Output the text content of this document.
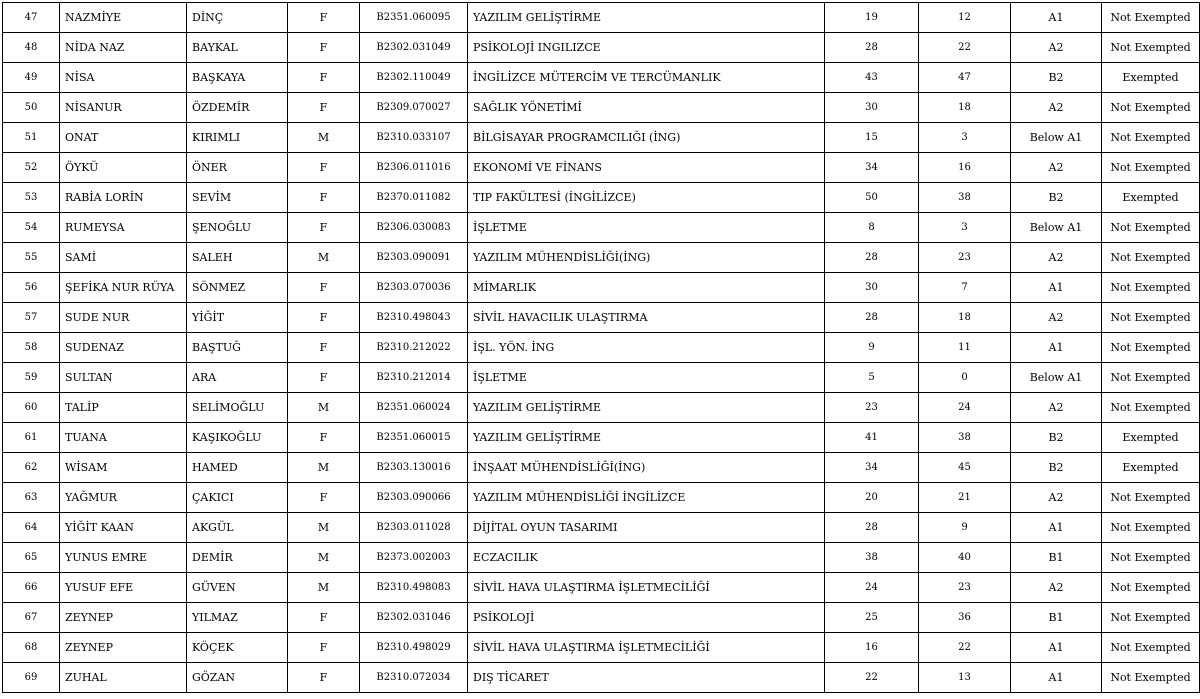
47	NAZMİYE	DİNÇ	F	B2351.060095	YAZILIM GELİŞTİRME	19	12	A1	Not Exempted
48	NİDA NAZ	BAYKAL	F	B2302.031049	PSİKOLOJİ INGILIZCE	28	22	A2	Not Exempted
49	NİSA	BAŞKAYA	F	B2302.110049	İNGİLİZCE MÜTERCİM VE TERCÜMANLIK	43	47	B2	Exempted
50	NİSANUR	ÖZDEMİR	F	B2309.070027	SAĞLIK YÖNETİMİ	30	18	A2	Not Exempted
51	ONAT	KIRIMLI	M	B2310.033107	BİLGİSAYAR PROGRAMCILIĞI (İNG)	15	3	Below A1	Not Exempted
52	ÖYKÜ	ÖNER	F	B2306.011016	EKONOMİ VE FİNANS	34	16	A2	Not Exempted
53	RABİA LORİN	SEVİM	F	B2370.011082	TIP FAKÜLTESİ (İNGİLİZCE)	50	38	B2	Exempted
54	RUMEYSA	ŞENOĞLU	F	B2306.030083	İŞLETME	8	3	Below A1	Not Exempted
55	SAMİ	SALEH	M	B2303.090091	YAZILIM MÜHENDİSLİĞİ(İNG)	28	23	A2	Not Exempted
56	ŞEFİKA NUR RÜYA	SÖNMEZ	F	B2303.070036	MİMARLIK	30	7	A1	Not Exempted
57	SUDE NUR	YİĞİT	F	B2310.498043	SİVİL HAVACILIK ULAŞTIRMA	28	18	A2	Not Exempted
58	SUDENAZ	BAŞTUĞ	F	B2310.212022	İŞL. YÖN. İNG	9	11	A1	Not Exempted
59	SULTAN	ARA	F	B2310.212014	İŞLETME	5	0	Below A1	Not Exempted
60	TALİP	SELİMOĞLU	M	B2351.060024	YAZILIM GELİŞTİRME	23	24	A2	Not Exempted
61	TUANA	KAŞIKOĞLU	F	B2351.060015	YAZILIM GELİŞTİRME	41	38	B2	Exempted
62	WİSAM	HAMED	M	B2303.130016	İNŞAAT MÜHENDİSLİĞİ(İNG)	34	45	B2	Exempted
63	YAĞMUR	ÇAKICI	F	B2303.090066	YAZILIM MÜHENDİSLİĞİ İNGİLİZCE	20	21	A2	Not Exempted
64	YİĞİT KAAN	AKGÜL	M	B2303.011028	DİJİTAL OYUN TASARIMI	28	9	A1	Not Exempted
65	YUNUS EMRE	DEMİR	M	B2373.002003	ECZACILIK	38	40	B1	Not Exempted
66	YUSUF EFE	GÜVEN	M	B2310.498083	SİVİL HAVA ULAŞTIRMA İŞLETMECİLİĞİ	24	23	A2	Not Exempted
67	ZEYNEP	YILMAZ	F	B2302.031046	PSİKOLOJİ	25	36	B1	Not Exempted
68	ZEYNEP	KÖÇEK	F	B2310.498029	SİVİL HAVA ULAŞTIRMA İŞLETMECİLİĞİ	16	22	A1	Not Exempted
69	ZUHAL	GÖZAN	F	B2310.072034	DIŞ TİCARET	22	13	A1	Not Exempted
